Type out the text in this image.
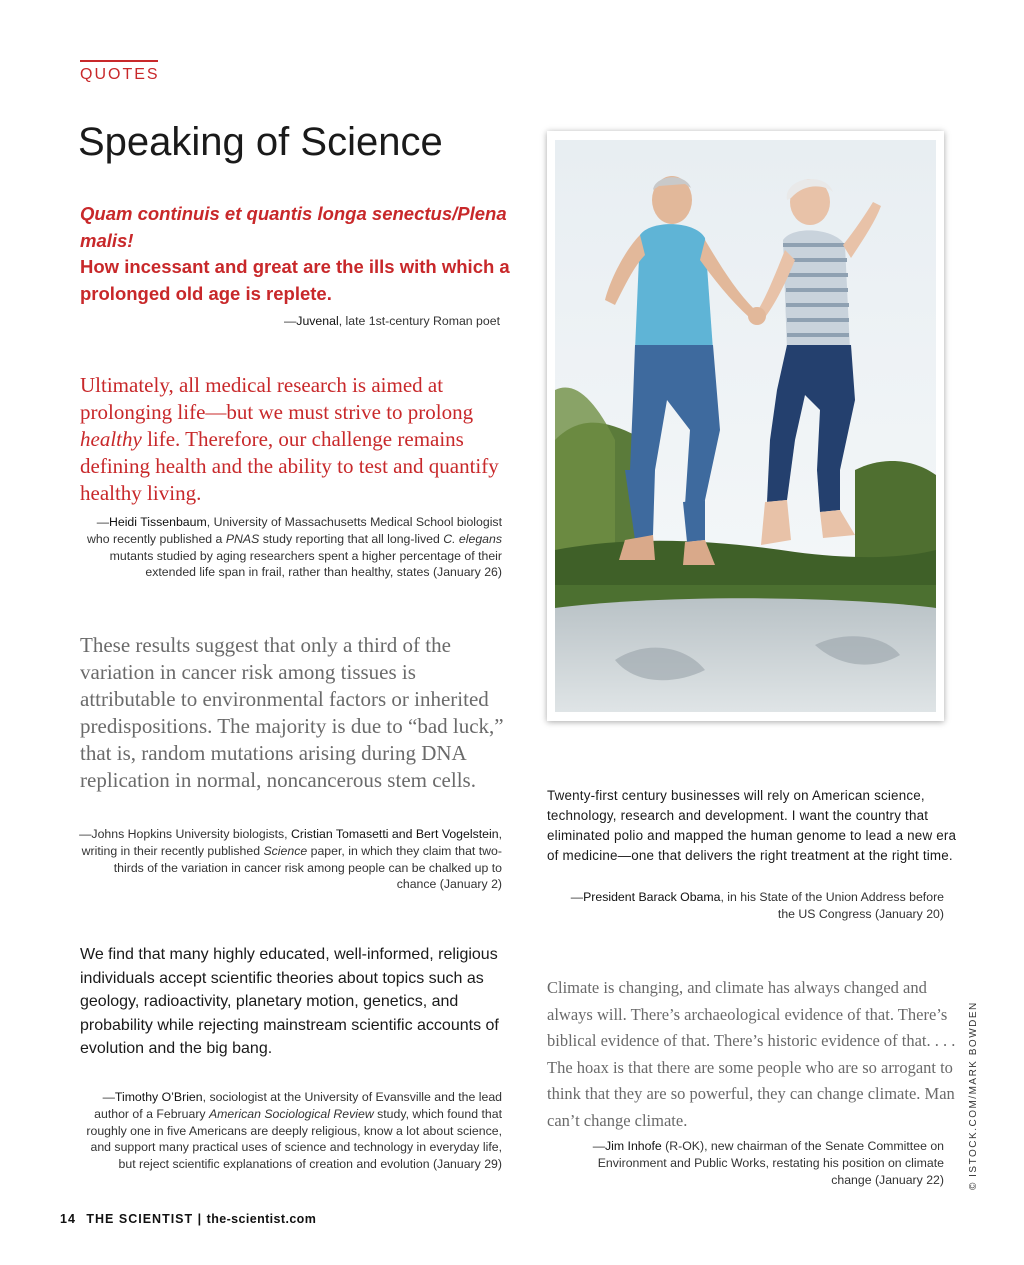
QUOTES
Speaking of Science
Quam continuis et quantis longa senectus/Plena malis!
How incessant and great are the ills with which a prolonged old age is replete.
—Juvenal, late 1st-century Roman poet
Ultimately, all medical research is aimed at prolonging life—but we must strive to prolong healthy life. Therefore, our challenge remains defining health and the ability to test and quantify healthy living.
—Heidi Tissenbaum, University of Massachusetts Medical School biologist who recently published a PNAS study reporting that all long-lived C. elegans mutants studied by aging researchers spent a higher percentage of their extended life span in frail, rather than healthy, states (January 26)
These results suggest that only a third of the variation in cancer risk among tissues is attributable to environmental factors or inherited predispositions. The majority is due to “bad luck,” that is, random mutations arising during DNA replication in normal, noncancerous stem cells.
—Johns Hopkins University biologists, Cristian Tomasetti and Bert Vogelstein, writing in their recently published Science paper, in which they claim that two-thirds of the variation in cancer risk among people can be chalked up to chance (January 2)
We find that many highly educated, well-informed, religious individuals accept scientific theories about topics such as geology, radioactivity, planetary motion, genetics, and probability while rejecting mainstream scientific accounts of evolution and the big bang.
—Timothy O’Brien, sociologist at the University of Evansville and the lead author of a February American Sociological Review study, which found that roughly one in five Americans are deeply religious, know a lot about science, and support many practical uses of science and technology in everyday life, but reject scientific explanations of creation and evolution (January 29)
Twenty-first century businesses will rely on American science, technology, research and development. I want the country that eliminated polio and mapped the human genome to lead a new era of medicine—one that delivers the right treatment at the right time.
—President Barack Obama, in his State of the Union Address before the US Congress (January 20)
Climate is changing, and climate has always changed and always will. There’s archaeological evidence of that. There’s biblical evidence of that. There’s historic evidence of that. . . . The hoax is that there are some people who are so arrogant to think that they are so powerful, they can change climate. Man can’t change climate.
—Jim Inhofe (R-OK), new chairman of the Senate Committee on Environment and Public Works, restating his position on climate change (January 22) © ISTOCK.COM/MARK BOWDEN
14 THE SCIENTIST | the-scientist.com
